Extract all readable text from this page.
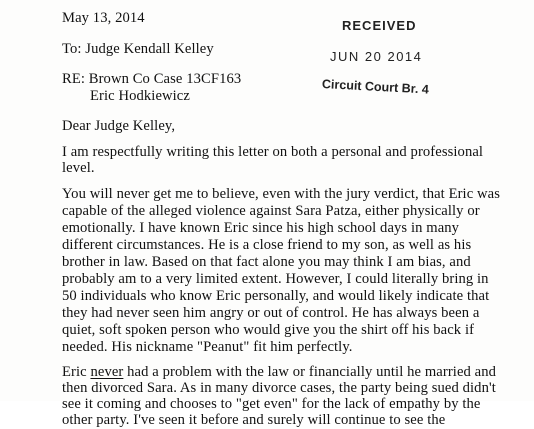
RECEIVED
JUN 20 2014
Circuit Court Br. 4
May 13, 2014
To: Judge Kendall Kelley
RE: Brown Co Case 13CF163
Eric Hodkiewicz
Dear Judge Kelley,
I am respectfully writing this letter on both a personal and professional
level.
You will never get me to believe, even with the jury verdict, that Eric was
capable of the alleged violence against Sara Patza, either physically or
emotionally. I have known Eric since his high school days in many
different circumstances. He is a close friend to my son, as well as his
brother in law. Based on that fact alone you may think I am bias, and
probably am to a very limited extent. However, I could literally bring in
50 individuals who know Eric personally, and would likely indicate that
they had never seen him angry or out of control. He has always been a
quiet, soft spoken person who would give you the shirt off his back if
needed. His nickname "Peanut" fit him perfectly.
Eric never had a problem with the law or financially until he married and
then divorced Sara. As in many divorce cases, the party being sued didn't
see it coming and chooses to "get even" for the lack of empathy by the
other party. I've seen it before and surely will continue to see the
